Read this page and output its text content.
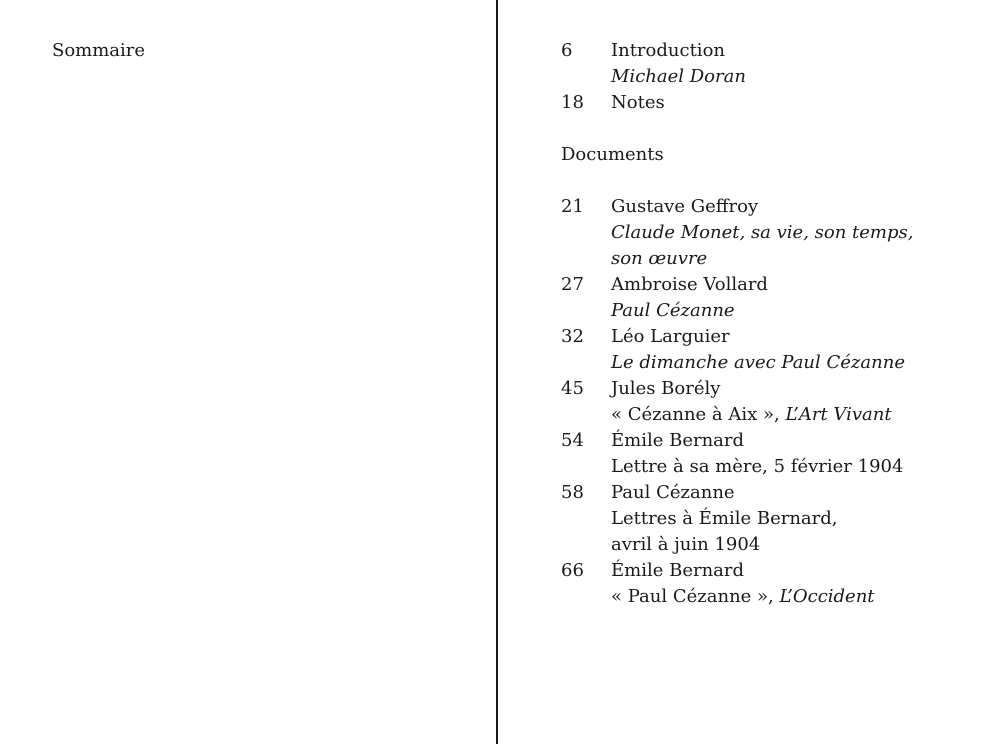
Sommaire	6	Introduction
Michael Doran
18	Notes
Documents
21	Gustave Geffroy
Claude Monet, sa vie, son temps,
son œuvre
27	Ambroise Vollard
Paul Cézanne
32	Léo Larguier
Le dimanche avec Paul Cézanne
45	Jules Borély
« Cézanne à Aix », L’Art Vivant
54	Émile Bernard
Lettre à sa mère, 5 février 1904
58	Paul Cézanne
Lettres à Émile Bernard,
avril à juin 1904
66	Émile Bernard
« Paul Cézanne », L’Occident
